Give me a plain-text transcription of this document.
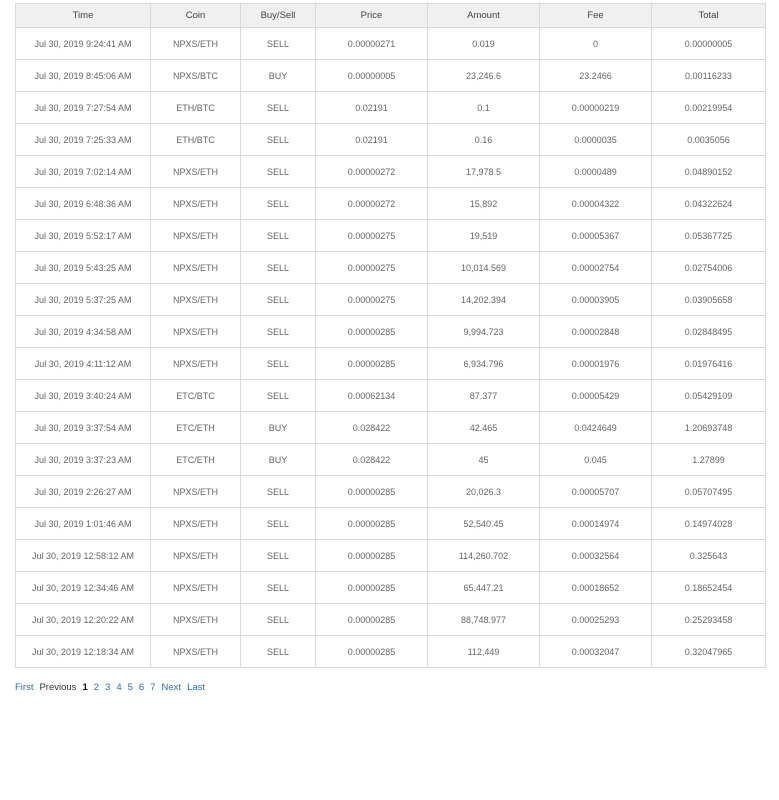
Time	Coin	Buy/Sell	Price	Amount	Fee	Total
Jul 30, 2019 9:24:41 AM	NPXS/ETH	SELL	0.00000271	0.019	0	0.00000005
Jul 30, 2019 8:45:06 AM	NPXS/BTC	BUY	0.00000005	23,246.6	23.2466	0.00116233
Jul 30, 2019 7:27:54 AM	ETH/BTC	SELL	0.02191	0.1	0.00000219	0.00219954
Jul 30, 2019 7:25:33 AM	ETH/BTC	SELL	0.02191	0.16	0.0000035	0.0035056
Jul 30, 2019 7:02:14 AM	NPXS/ETH	SELL	0.00000272	17,978.5	0.0000489	0.04890152
Jul 30, 2019 6:48:36 AM	NPXS/ETH	SELL	0.00000272	15,892	0.00004322	0.04322624
Jul 30, 2019 5:52:17 AM	NPXS/ETH	SELL	0.00000275	19,519	0.00005367	0.05367725
Jul 30, 2019 5:43:25 AM	NPXS/ETH	SELL	0.00000275	10,014.569	0.00002754	0.02754006
Jul 30, 2019 5:37:25 AM	NPXS/ETH	SELL	0.00000275	14,202.394	0.00003905	0.03905658
Jul 30, 2019 4:34:58 AM	NPXS/ETH	SELL	0.00000285	9,994.723	0.00002848	0.02848495
Jul 30, 2019 4:11:12 AM	NPXS/ETH	SELL	0.00000285	6,934.796	0.00001976	0.01976416
Jul 30, 2019 3:40:24 AM	ETC/BTC	SELL	0.00062134	87.377	0.00005429	0.05429109
Jul 30, 2019 3:37:54 AM	ETC/ETH	BUY	0.028422	42.465	0.0424649	1.20693748
Jul 30, 2019 3:37:23 AM	ETC/ETH	BUY	0.028422	45	0.045	1.27899
Jul 30, 2019 2:26:27 AM	NPXS/ETH	SELL	0.00000285	20,026.3	0.00005707	0.05707495
Jul 30, 2019 1:01:46 AM	NPXS/ETH	SELL	0.00000285	52,540.45	0.00014974	0.14974028
Jul 30, 2019 12:58:12 AM	NPXS/ETH	SELL	0.00000285	114,260.702	0.00032564	0.325643
Jul 30, 2019 12:34:46 AM	NPXS/ETH	SELL	0.00000285	65,447.21	0.00018652	0.18652454
Jul 30, 2019 12:20:22 AM	NPXS/ETH	SELL	0.00000285	88,748.977	0.00025293	0.25293458
Jul 30, 2019 12:18:34 AM	NPXS/ETH	SELL	0.00000285	112,449	0.00032047	0.32047965
First Previous 1 2 3 4 5 6 7 Next Last
